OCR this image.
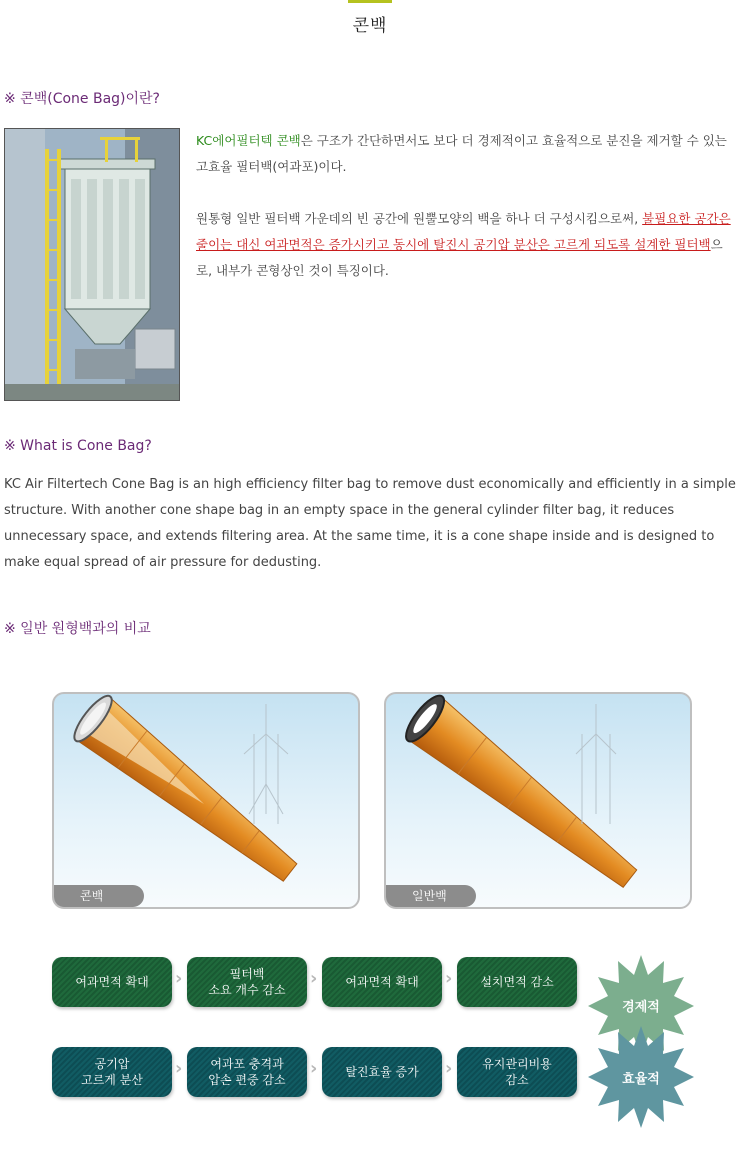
콘백
※ 콘백(Cone Bag)이란?

KC에어필터텍 콘백은 구조가 간단하면서도 보다 더 경제적이고 효율적으로 분진을 제거할 수 있는 고효율 필터백(여과포)이다.

원통형 일반 필터백 가운데의 빈 공간에 원뿔모양의 백을 하나 더 구성시킴으로써, 불필요한 공간은 줄이는 대신 여과면적은 증가시키고 동시에 탈진시 공기압 분산은 고르게 되도록 설계한 필터백으로, 내부가 콘형상인 것이 특징이다.

※ What is Cone Bag?
KC Air Filtertech Cone Bag is an high efficiency filter bag to remove dust economically and efficiently in a simple structure. With another cone shape bag in an empty space in the general cylinder filter bag, it reduces unnecessary space, and extends filtering area. At the same time, it is a cone shape inside and is designed to make equal spread of air pressure for dedusting.
※ 일반 원형백과의 비교
콘백	일반백
여과면적 확대 ›	필터백
소요 개수 감소
› 여과면적 확대 › 설치면적 감소
공기압
고르게 분산
› 여과포 충격과
압손 편중 감소
› 탈진효율 증가 › 유지관리비용
감소
경제적
효율적
